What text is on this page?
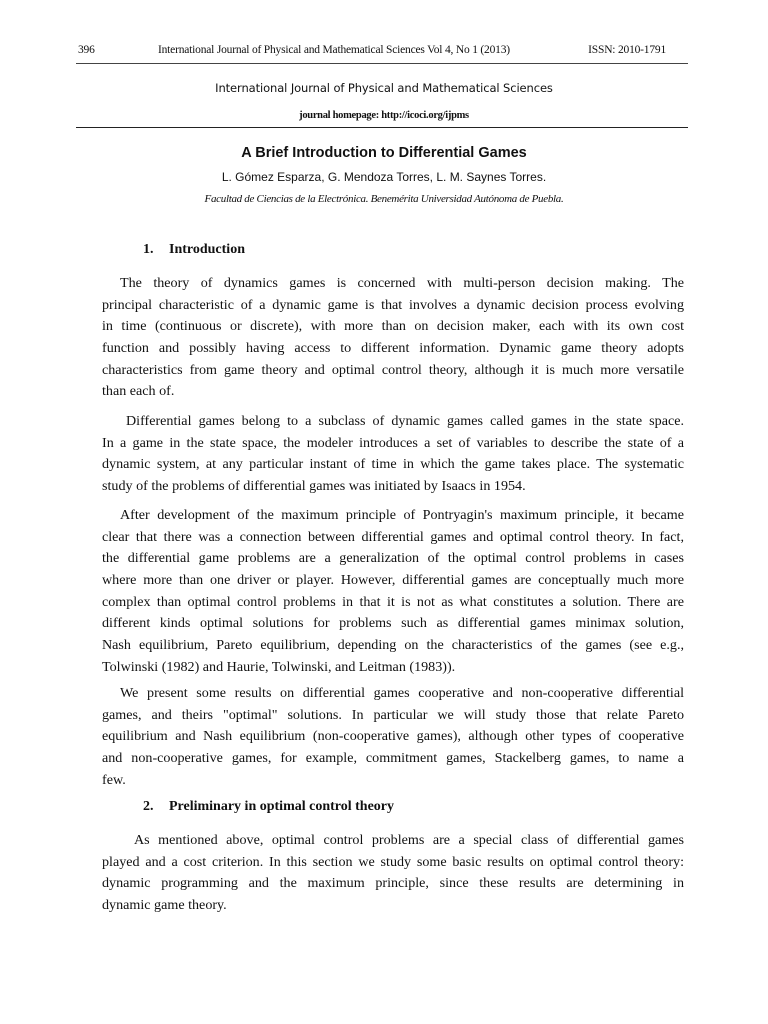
396	International Journal of Physical and Mathematical Sciences Vol 4, No 1 (2013)	ISSN: 2010-1791
International Journal of Physical and Mathematical Sciences
journal homepage: http://icoci.org/ijpms
A Brief Introduction to Differential Games
L. Gómez Esparza, G. Mendoza Torres, L. M. Saynes Torres.
Facultad de Ciencias de la Electrónica. Benemérita Universidad Autónoma de Puebla.
1. Introduction
The theory of dynamics games is concerned with multi-person decision making. The
principal characteristic of a dynamic game is that involves a dynamic decision process evolving
in time (continuous or discrete), with more than on decision maker, each with its own cost
function and possibly having access to different information. Dynamic game theory adopts
characteristics from game theory and optimal control theory, although it is much more versatile
than each of.
Differential games belong to a subclass of dynamic games called games in the state space.
In a game in the state space, the modeler introduces a set of variables to describe the state of a
dynamic system, at any particular instant of time in which the game takes place. The systematic
study of the problems of differential games was initiated by Isaacs in 1954.
After development of the maximum principle of Pontryagin's maximum principle, it became
clear that there was a connection between differential games and optimal control theory. In fact,
the differential game problems are a generalization of the optimal control problems in cases
where more than one driver or player. However, differential games are conceptually much more
complex than optimal control problems in that it is not as what constitutes a solution. There are
different kinds optimal solutions for problems such as differential games minimax solution,
Nash equilibrium, Pareto equilibrium, depending on the characteristics of the games (see e.g.,
Tolwinski (1982) and Haurie, Tolwinski, and Leitman (1983)).
We present some results on differential games cooperative and non-cooperative differential
games, and theirs "optimal" solutions. In particular we will study those that relate Pareto
equilibrium and Nash equilibrium (non-cooperative games), although other types of cooperative
and non-cooperative games, for example, commitment games, Stackelberg games, to name a
few.
2. Preliminary in optimal control theory
As mentioned above, optimal control problems are a special class of differential games
played and a cost criterion. In this section we study some basic results on optimal control theory:
dynamic programming and the maximum principle, since these results are determining in
dynamic game theory.
